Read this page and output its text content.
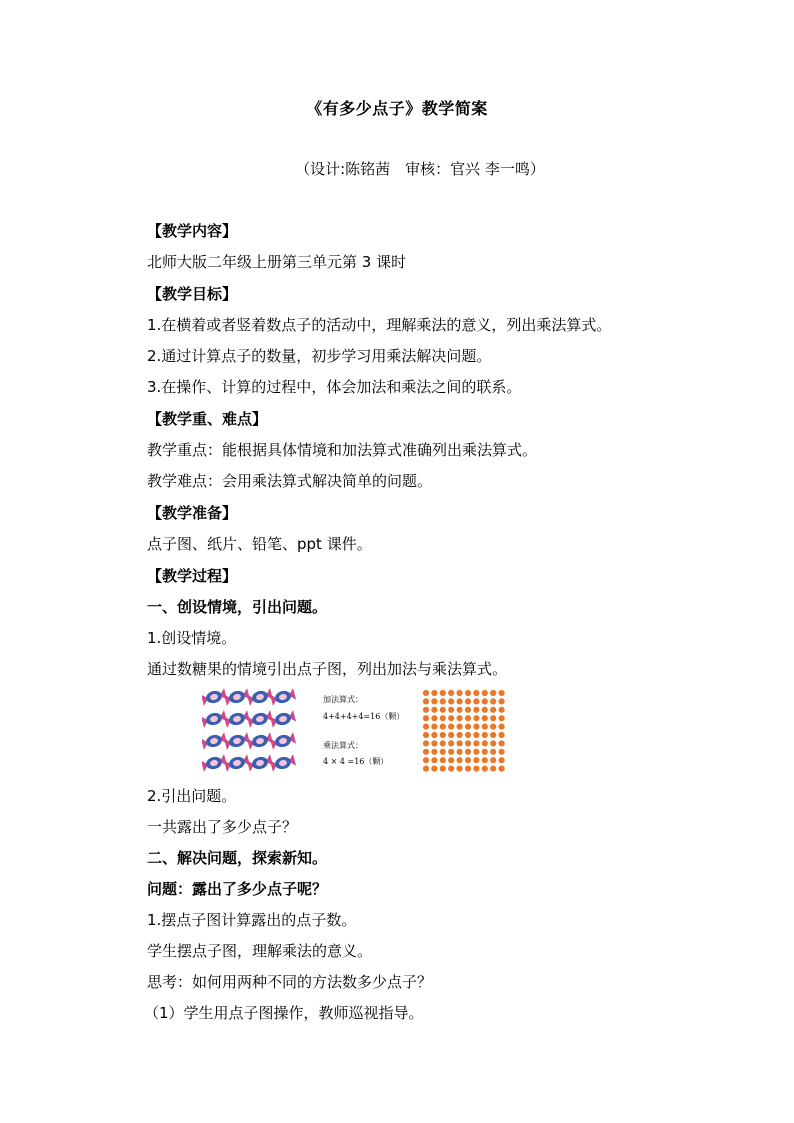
《有多少点子》教学简案
（设计:陈铭茜　审核：官兴 李一鸣）
【教学内容】
北师大版二年级上册第三单元第 3 课时
【教学目标】
1.在横着或者竖着数点子的活动中，理解乘法的意义，列出乘法算式。
2.通过计算点子的数量，初步学习用乘法解决问题。
3.在操作、计算的过程中，体会加法和乘法之间的联系。
【教学重、难点】
教学重点：能根据具体情境和加法算式准确列出乘法算式。
教学难点：会用乘法算式解决简单的问题。
【教学准备】
点子图、纸片、铅笔、ppt 课件。
【教学过程】
一、创设情境，引出问题。
1.创设情境。
通过数糖果的情境引出点子图，列出加法与乘法算式。
加法算式：
4+4+4+4=16（颗）
乘法算式：
4 × 4 =16（颗）
2.引出问题。
一共露出了多少点子？
二、解决问题，探索新知。
问题：露出了多少点子呢？
1.摆点子图计算露出的点子数。
学生摆点子图，理解乘法的意义。
思考：如何用两种不同的方法数多少点子？
（1）学生用点子图操作，教师巡视指导。
